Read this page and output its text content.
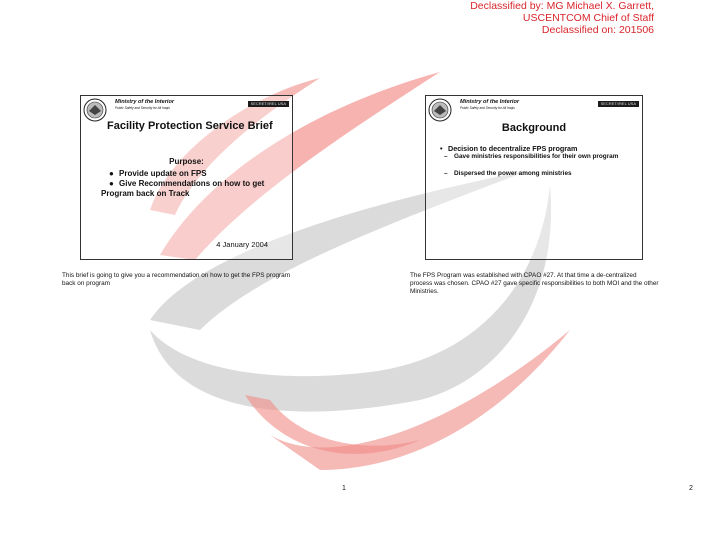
Declassified by: MG Michael X. Garrett,
USCENTCOM Chief of Staff
Declassified on: 201506
Ministry of the Interior
Public Safety and Security for All Iraqis
SECRET//REL USA
Facility Protection Service Brief
Purpose:
● Provide update on FPS
● Give Recommendations on how to get
Program back on Track
4 January 2004
Ministry of the Interior
Public Safety and Security for All Iraqis
SECRET//REL USA
Background
• Decision to decentralize FPS program
– Gave ministries responsibilities for their own program
– Dispersed the power among ministries
This brief is going to give you a recommendation on how to get the FPS program back on program
The FPS Program was established with CPAO #27. At that time a de-centralized process was chosen. CPAO #27 gave specific responsibilities to both MOI and the other Ministries.
1	2
